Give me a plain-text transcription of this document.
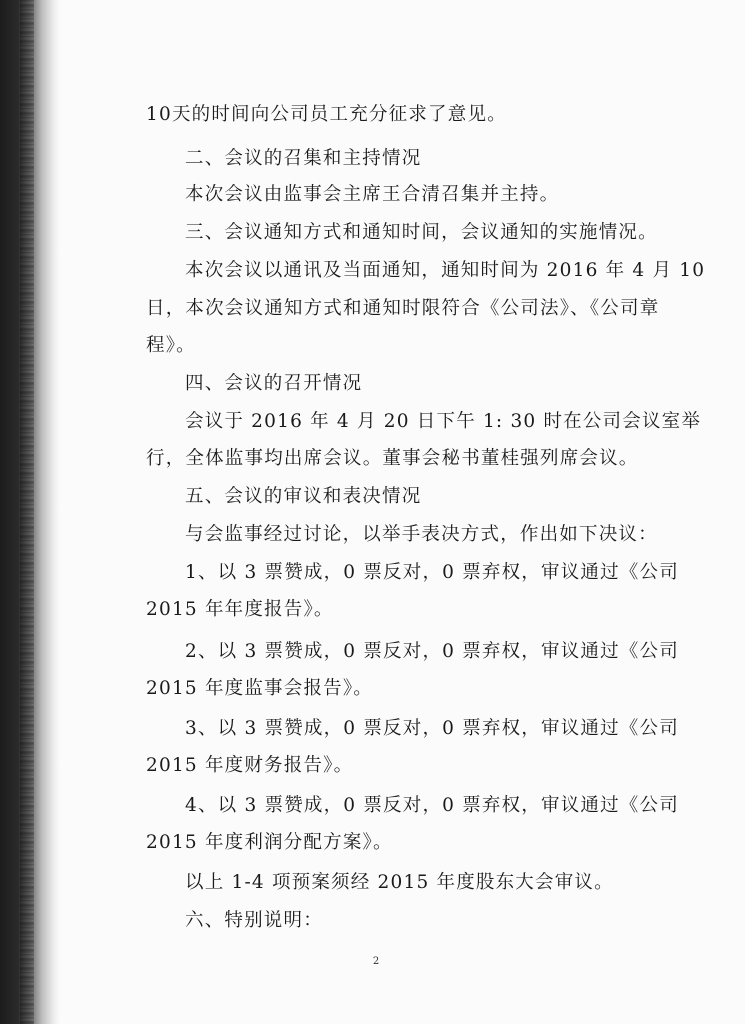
10天的时间向公司员工充分征求了意见。
二、会议的召集和主持情况
本次会议由监事会主席王合清召集并主持。
三、会议通知方式和通知时间，会议通知的实施情况。
本次会议以通讯及当面通知，通知时间为 2016 年 4 月 10
日，本次会议通知方式和通知时限符合《公司法》、《公司章
程》。
四、会议的召开情况
会议于 2016 年 4 月 20 日下午 1: 30 时在公司会议室举
行，全体监事均出席会议。董事会秘书董桂强列席会议。
五、会议的审议和表决情况
与会监事经过讨论，以举手表决方式，作出如下决议：
1、以 3 票赞成，0 票反对，0 票弃权，审议通过《公司
2015 年年度报告》。
2、以 3 票赞成，0 票反对，0 票弃权，审议通过《公司
2015 年度监事会报告》。
3、以 3 票赞成，0 票反对，0 票弃权，审议通过《公司
2015 年度财务报告》。
4、以 3 票赞成，0 票反对，0 票弃权，审议通过《公司
2015 年度利润分配方案》。
以上 1-4 项预案须经 2015 年度股东大会审议。
六、特别说明：
2
